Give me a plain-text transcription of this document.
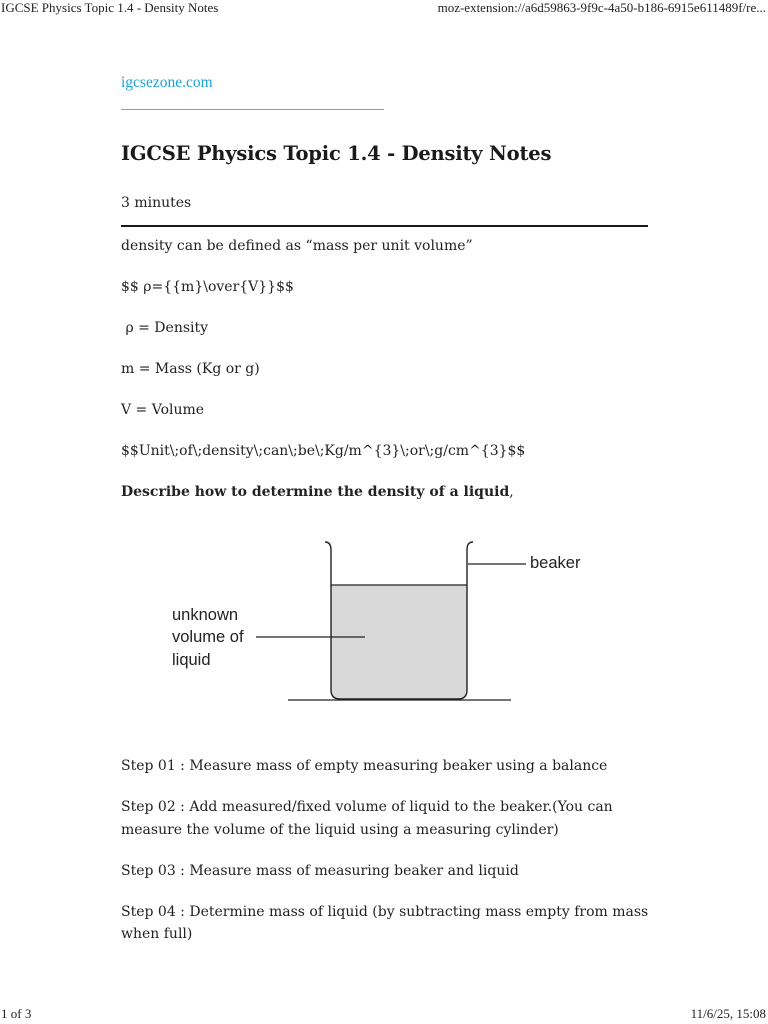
IGCSE Physics Topic 1.4 - Density Notes	moz-extension://a6d59863-9f9c-4a50-b186-6915e611489f/re...
igcsezone.com
IGCSE Physics Topic 1.4 - Density Notes
3 minutes

density can be defined as “mass per unit volume”

$$ ρ={{m}\over{V}}$$

ρ = Density

m = Mass (Kg or g)

V = Volume

$$Unit\;of\;density\;can\;be\;Kg/m^{3}\;or\;g/cm^{3}$$

Describe how to determine the density of a liquid,

beaker
unknown
volume of
liquid

Step 01 : Measure mass of empty measuring beaker using a balance

Step 02 : Add measured/fixed volume of liquid to the beaker.(You can measure the volume of the liquid using a measuring cylinder)

Step 03 : Measure mass of measuring beaker and liquid

Step 04 : Determine mass of liquid (by subtracting mass empty from mass when full)

1 of 3	11/6/25, 15:08
